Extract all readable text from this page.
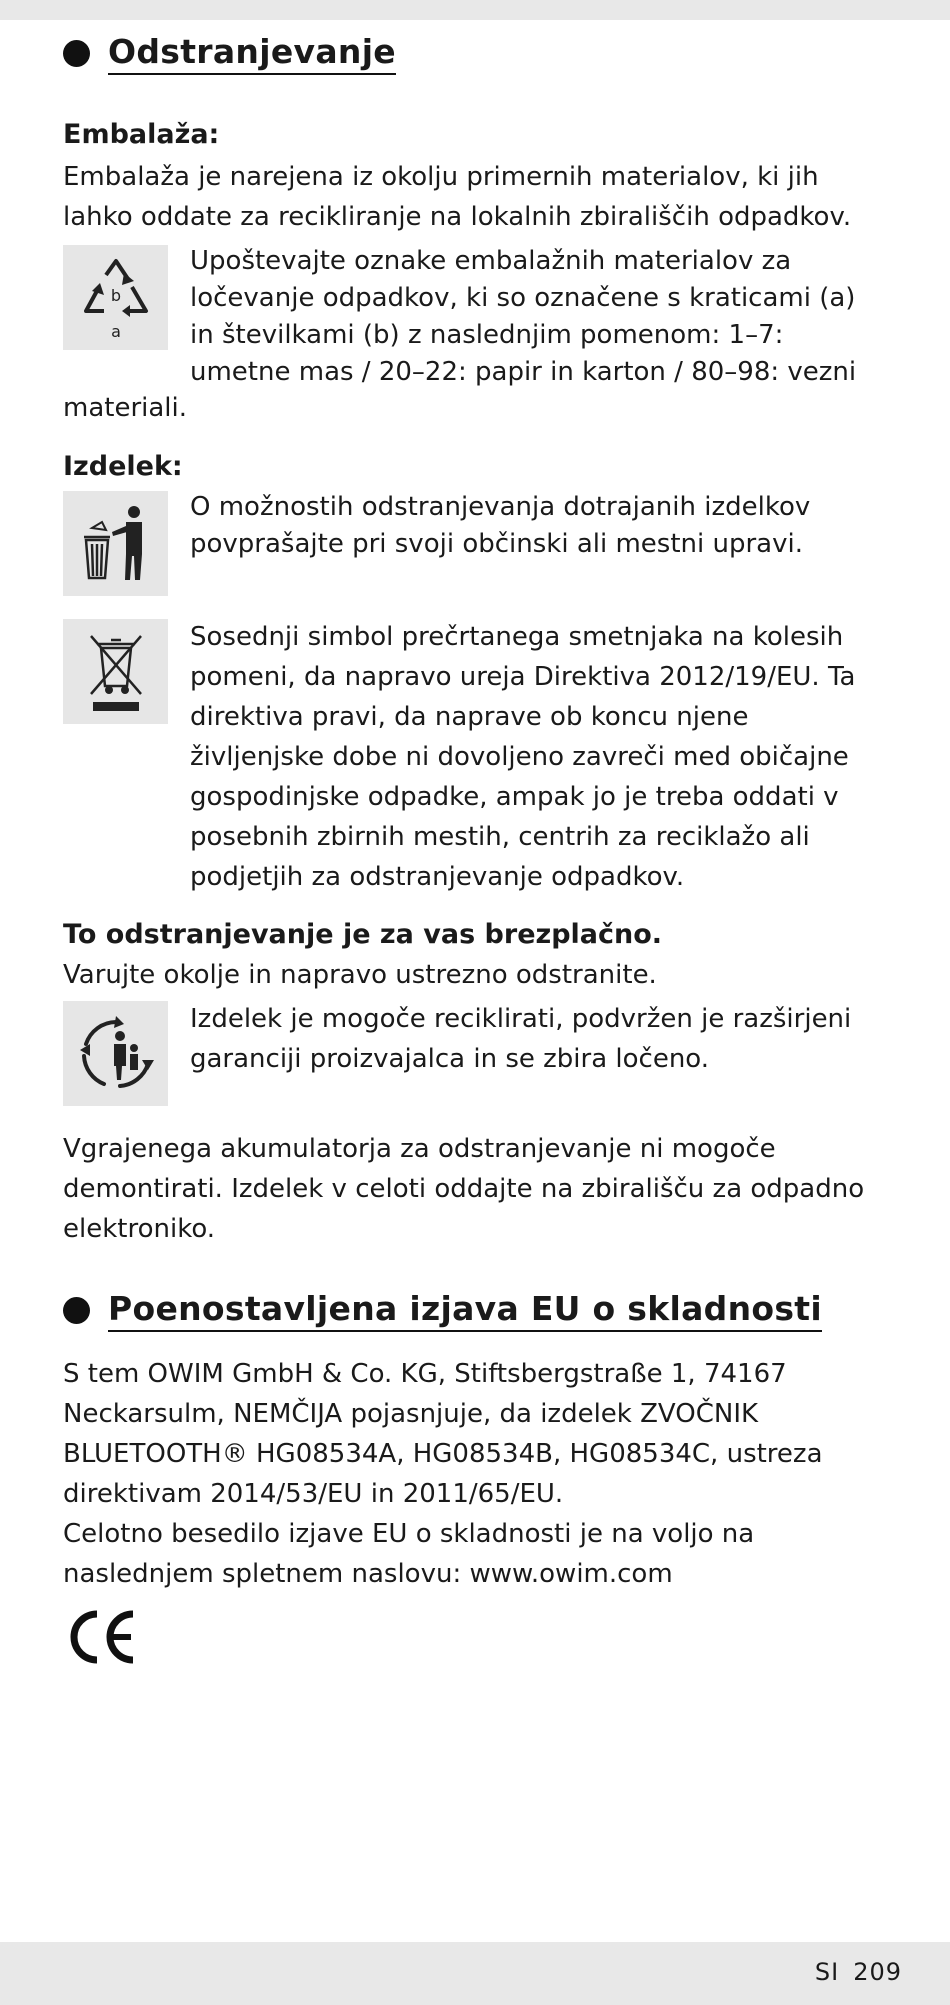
Odstranjevanje
Embalaža:

Embalaža je narejena iz okolju primernih materialov, ki jih lahko oddate za recikliranje na lokalnih zbirališčih odpadkov.

b
a

Upoštevajte oznake embalažnih materialov za ločevanje odpadkov, ki so označene s kraticami (a) in številkami (b) z naslednjim pomenom: 1–7: umetne mas / 20–22: papir in karton / 80–98: vezni

materiali.

Izdelek:

O možnostih odstranjevanja dotrajanih izdelkov povprašajte pri svoji občinski ali mestni upravi.

Sosednji simbol prečrtanega smetnjaka na kolesih pomeni, da napravo ureja Direktiva 2012/19/EU. Ta direktiva pravi, da naprave ob koncu njene življenjske dobe ni dovoljeno zavreči med običajne gospodinjske odpadke, ampak jo je treba oddati v posebnih zbirnih mestih, centrih za reciklažo ali podjetjih za odstranjevanje odpadkov.

To odstranjevanje je za vas brezplačno.

Varujte okolje in napravo ustrezno odstranite.

Izdelek je mogoče reciklirati, podvržen je razširjeni garanciji proizvajalca in se zbira ločeno.

Vgrajenega akumulatorja za odstranjevanje ni mogoče demontirati. Izdelek v celoti oddajte na zbirališču za odpadno elektroniko.

Poenostavljena izjava EU o skladnosti

S tem OWIM GmbH & Co. KG, Stiftsbergstraße 1, 74167 Neckarsulm, NEMČIJA pojasnjuje, da izdelek ZVOČNIK BLUETOOTH® HG08534A, HG08534B, HG08534C, ustreza direktivam 2014/53/EU in 2011/65/EU.

Celotno besedilo izjave EU o skladnosti je na voljo na naslednjem spletnem naslovu: www.owim.com

SI 209
